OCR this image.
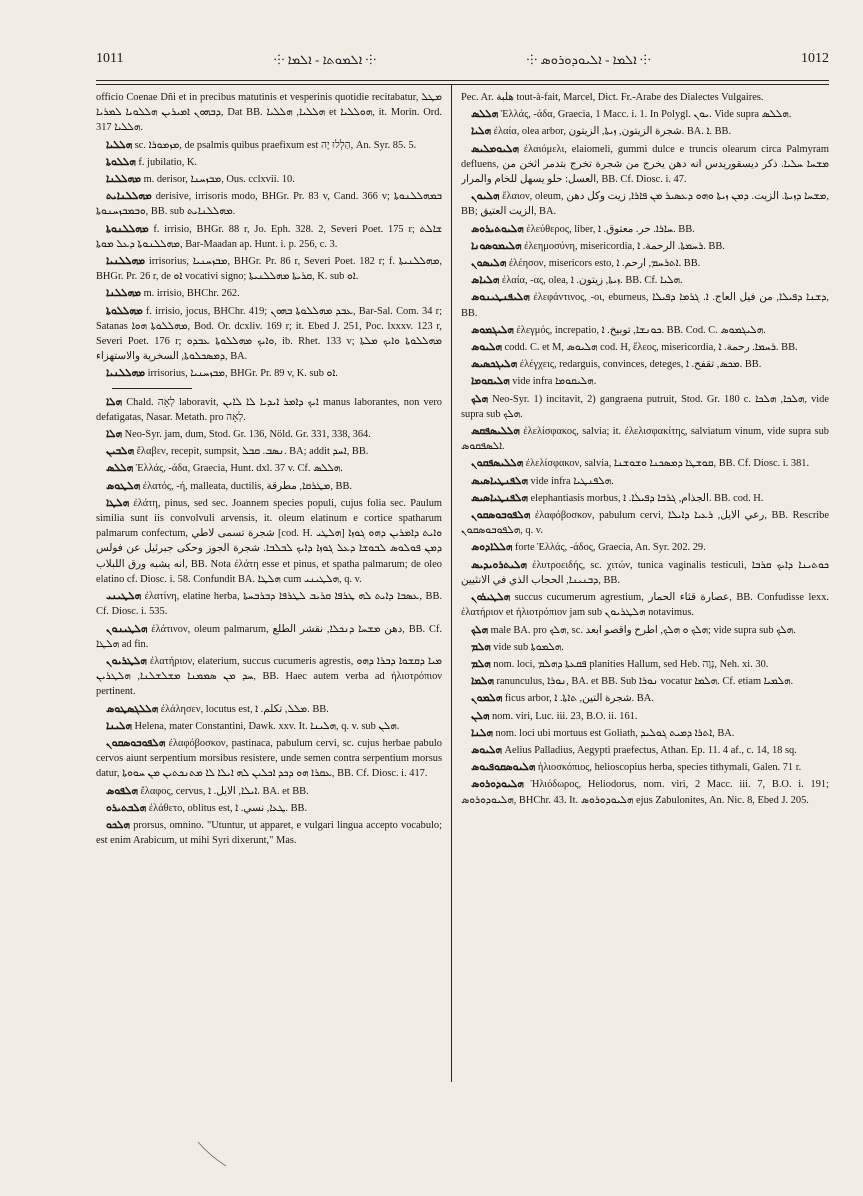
1011	⸭ ܐܠܡܘܬܐ - ܐܠܡܐ ⸭	⸭ ܐܠܡܐ - ܐܠܝܘܕܘܪܘܣ ⸭	1012

officio Coenae Dñi et in precibus matutinis et vesperinis quotidie recitabatur, ܡܛܠ ܕܒܗܘܢ ܐܡܝܪܝܢ ܗܠܠܘܝܐ ܠܡܪܝܐ, Dat BB. ܗܠܠܝܐ, ܗܠܠܝܐ et ܗܘܠܠܝܐ, it. Morin. Ord. 317 ܗܠܠܝܐ.

ܗܠܠܝܐ sc. ܡܙܡܘܪܐ, de psalmis quibus praefixum est הַלְלוּ יָה, An. Syr. 85. 5.

ܗܠܠܘܬܐ f. jubilatio, K.

ܡܗܠܠܢܐ m. derisor, ܡܒܙܚܢܐ, Ous. cclxvii. 10.

ܡܗܠܠܢܐܝܬ derisive, irrisoris modo, BHGr. Pr. 83 v, Cand. 366 v; ܒܡܗܠܠܢܘܬܐ ܘܒܡܒܙܚܢܘܬܐ, BB. sub ܡܗܠܠܢܐܝܬ.

ܡܗܠܠܢܘܬܐ f. irrisio, BHGr. 88 r, Jo. Eph. 328. 2, Severi Poet. 175 r; ܫܐܠܬ ܡܗܠܠܢܘܬܐ ܕܥܠ ܡܘܬܐ, Bar-Maadan ap. Hunt. i. p. 256, c. 3.

ܡܗܠܠܢܝܐ irrisorius, ܡܒܙܚܢܝܐ, BHGr. Pr. 86 r, Severi Poet. 182 r; f. ܡܗܠܠܢܝܬܐ, BHGr. Pr. 26 r, de ܐܘ vocativi signo; ܩܪܝܬܐ ܡܗܠܠܢܝܬܐ, K. sub ܐܘ.

ܡܗܠܠܢܐ m. irrisio, BHChr. 262.

ܡܗܠܠܘܬܐ f. irrisio, jocus, BHChr. 419; ܥܒܕ ܡܗܠܠܘܬܐ ܒܗܘܢ, Bar-Sal. Com. 34 r; Satanas ܡܗܠܠܘܬܐ ܗܘܐ, Bod. Or. dcxliv. 169 r; it. Ebed J. 251, Poc. lxxxv. 123 r, Severi Poet. 176 r; ܘܐܝܟ ܡܗܠܠܘܬܐ ܥܒܕܘ, ib. Rhet. 133 v; ܡܗܠܠܘܬܐ ܘܐܝܟ ܡܠܬܐ ܕܡܣܟܠܘܬܐ, السخرية والاستهزاء, BA.

ܡܗܠܠܢܝܐ irrisorius, ܡܒܙܚܢܝܐ, BHGr. Pr. 89 v, K. sub ܐܘ.

ܗܠܐ Chald. לְאָה laboravit, ܐܝܟ ܕܐܡܪ ܐܝܕܝܐ ܠܐ ܠܐܝܢ manus laborantes, non vero defatigatas, Nasar. Metath. pro לְאָה.

ܗܠܐ Neo-Syr. jam, dum, Stod. Gr. 136, Nöld. Gr. 331, 338, 364.

ܗܠܒܝܢ ἔλαβεν, recepit, sumpsit, ܢܣܒ. ܩܒܠ. BA; addit ܐܚܕ, BB.

ܗܠܠܣ Ἑλλάς, -άδα, Graecia, Hunt. dxl. 37 v. Cf. ܗܠܠܣ.

ܗܠܛܘܣ ἐλατός, -ή, malleata, ductilis, ܡܛܪܩܐ, مطرقة, BB.

ܗܠܛܐ ἐλάτη, pinus, sed sec. Joannem species populi, cujus folia sec. Paulum similia sunt iis convolvuli arvensis, it. oleum elatinum e cortice spatharum palmarum confectum, شجرة تسمى لاطي [cod. H. ܗܠܛܝ] ܘܐܝܬ ܕܐܡܪܝܢ ܕܗܘ ܓܘܙܐ ܕܡܢ ܦܘܠܘܣ ܠܒܘܫܐ ܕܥܠ ܓܘܙܐ ܕܐܝܟ ܠܒܠܒܐ. شجرة الجوز وحكى جبرئيل عن فولس انه يشبه ورق اللبلاب, BB. Nota ἐλάτη esse et pinus, et spatha palmarum; de oleo elatino cf. Diosc. i. 58. Confundit BA. ܗܠܛܐ cum ܗܠܛܝܢܝ, q. v.

ܗܠܛܝܢܝ ἐλατίνη, elatine herba, ܥܣܒܐ ܕܐܝܬ ܠܗ ܛܪܦܐ ܩܪܝܒ ܠܛܪܦܐ ܕܒܪܒܚܬܐ, BB. Cf. Diosc. i. 535.

ܗܠܛܝܢܘܢ ἐλάτινον, oleum palmarum, دهن ܡܫܚܐ ܕܢܟܠܐ, نقشر الطلع, BB. Cf. ܗܠܛܐ ad fin.

ܗܠܛܪܝܘܢ ἐλατήριον, elaterium, succus cucumeris agrestis, ܡܝܐ ܕܩܫܘܐ ܕܒܪܐ ܕܗܘ ܚܕ ܡܢ ܣܡܡܢܐ ܡܫܠܫܠܢܐ, ܗܠܛܪܝܢ, BB. Haec autem verba ad ἠλιοτρόπιον pertinent.

ܗܠܠܓܣܛܘܣ ἐλάλησεν, locutus est, ܡܠܠ, تكلم. ܐ. BB.

ܗܠܝܢܐ Helena, mater Constantini, Dawk. xxv. It. ܗܠܝܢܐ, q. v. sub ܗܠܢ.

ܗܠܦܘܒܘܣܩܘܢ ἐλαφόβοσκον, pastinaca, pabulum cervi, sc. cujus herbae pabulo cervos aiunt serpentium morsibus resistere, unde semen contra serpentium morsus datur, ܥܩܪܐ ܗܘ ܕܟܕ ܐܟܠܝܢ ܠܗ ܐܝܠܐ ܠܐ ܡܬܢܟܬܝܢ ܡܢ ܚܘܘܬܐ, BB. Cf. Diosc. i. 417.

ܗܠܦܘܣ ἔλαφος, cervus, ܐܝܠܐ, الايل. ܐ. BA. et BB.

ܗܠܒܬܝܪܘ ἐλάθετο, oblitus est, ܛܥܐ, نسي. ܐ. BB.

ܗܠܟܘ prorsus, omnino. "Utuntur, ut apparet, e vulgari lingua accepto vocabulo; est enim Arabicum, ut mihi Syri dixerunt," Mas.

Pec. Ar. هلبة tout-à-fait, Marcel, Dict. Fr.-Arabe des Dialectes Vulgaires.

ܗܠܠܣ Ἑλλάς, -άδα, Graecia, 1 Macc. i. 1. In Polygl. ܝܘܢ. Vide supra ܗܠܠܣ.

ܗܠܝܐ ἐλαία, olea arbor, شجرة الزيتون, ܙܝܬܐ, الزيتون. BA. ܐ. BB.

ܗܠܝܘܡܠܝܣ ἐλαιόμελι, elaiomeli, gummi dulce e truncis olearum circa Palmyram defluens, ܡܫܚܐ ܚܠܝܐ. ذكر ديسقوريدس انه دهن يخرج من شجرة تخرج بتدمر اثخن من العسل: حلو يسهل للخام والمرار, BB. Cf. Diosc. i. 47.

ܗܠܝܘܢ ἔλαιον, oleum, ܡܫܚܐ ܕܙܝܬܐ. الزيت. ܕܡܢ ܙܝܬܐ ܘܗܘ ܕܥܣܝܪ ܡܢ ܦܐܪܐ, زيت وكل دهن, BB; الزيت العتيق, BA.

ܗܠܝܘܬܝܪܘܣ ἐλεύθερος, liber, ܚܐܪܐ. حر. معتوق. ܐ. BB.

ܗܠܝܡܘܣܘܢܐ ἐλεημοσύνη, misericordia, ܪܚܡܬܐ. الرحمة. ܐ. BB.

ܗܠܝܣܘܢ ἐλέησον, misericors esto, ܐܬܪܚܡ, ارحم. ܐ. BB.

ܗܠܝܐܣ ἐλαία, -ας, olea, ܙܝܬܐ, زيتون. ܐ. BB. Cf. ܗܠܝܐ.

ܗܠܝܦܢܛܝܢܘܣ ἐλεφάντινος, -οι, eburneus, ܕܫܢܐ ܕܦܝܠܐ, من فيل العاج. ܐ. ܓܪܡܐ ܕܦܝܠܐ, BB.

ܗܠܝܓܡܘܣ ἐλεγμός, increpatio, ܟܘܢܫܐ, توبيخ. ܐ. BB. Cod. C. ܗܠܝܓܡܘܣ.

ܗܠܝܘܣ codd. C. et M, ܗܠܝܘܣ cod. H, ἔλεος, misericordia, ܪܚܡܐ. رحمة. ܐ. BB.

ܗܠܝܓܟܣܝܣ ἐλέγχεις, redarguis, convinces, deteges, ܡܟܣ, تقفح. ܐ. BB.

ܗܠܝܩܘܡܐ vide infra ܗܠܝܩܘܡܐ.

ܗܠܟ Neo-Syr. 1) incitavit, 2) gangraena putruit, Stod. Gr. 180 c. ܗܠܟܐ, ܗܠܟܐ, vide supra sub ܗܠܟ.

ܗܠܠܝܣܦܩܣ ἐλελίσφακος, salvia; it. ἐλελισφακίτης, salviatum vinum, vide supra sub ܐܠܣܦܩܘܣ.

ܗܠܠܝܣܦܩܘܢ ἐλελίσφακον, salvia, ܩܘܫܛܐ ܕܡܣܟܢܐ ܘܫܘܫܢܐ, BB. Cf. Diosc. i. 381.

ܗܠܦܢܛܝܐܣܝܣ vide infra ܗܠܦܢܛܝܐ.

ܗܠܦܢܛܝܐܣܝܣ elephantiasis morbus, الجذام, ܓܪܒܐ ܕܦܝܠܐ. ܐ. BB. cod. H.

ܗܠܦܘܒܘܣܩܘܢ ἐλαφόβοσκον, pabulum cervi, رعي الايل, ܪܥܝܐ ܕܐܝܠܐ, BB. Rescribe ܗܠܦܘܒܘܣܩܘܢ, q. v.

ܗܠܠܐܕܘܣ forte Ἑλλάς, -άδος, Graecia, An. Syr. 202. 29.

ܗܠܝܬܪܘܝܕܝܣ ἐλυτροειδής, sc. χιτών, tunica vaginalis testiculi, ܟܘܬܝܢܐ ܕܐܝܟ ܩܪܒܐ ܕܒܢܝܢܐ, الحجاب الذي في الانثيين, BB.

ܗܠܛܝܪܘܢ succus cucumerum agrestium, عصارة قثاء الحمار, BB. Confudisse lexx. ἐλατήριον et ἠλιοτρόπιον jam sub ܗܠܛܪܝܘܢ notavimus.

ܗܠܟ male BA. pro ܗܠܟ, sc. ܗܠܟ ܘ ܗܠܟ, اطرح واقصو ابعد; vide supra sub ܗܠܟ.

ܗܠܡ vide sub ܗܠܡܘܬܐ.

ܗܠܡ nom. loci, ܦܩܥܬܐ ܕܗܠܡ planities Hallum, sed Heb. נְוֶה, Neh. xi. 30.

ܗܠܡܐ ranunculus, ܢܘܪܐ, BA. et BB. Sub ܢܘܪܐ vocatur ܗܠܡܐ. Cf. etiam ܗܠܡܝܐ.

ܗܠܡܘܢ ficus arbor, شجرة التين, ܬܐܬܐ. ܐ. BA.

ܗܠܢ nom. viri, Luc. iii. 23, B.O. ii. 161.

ܗܠܢܐ nom. loci ubi mortuus est Goliath, ܐܬܪܐ ܕܡܝܬ ܓܘܠܝܕ, BA.

ܗܠܝܘܣ Aelius Palladius, Aegypti praefectus, Athan. Ep. 11. 4 af., c. 14, 18 sq.

ܗܠܝܘܣܩܘܦܝܘܣ ἡλιοσκόπιος, helioscopius herba, species tithymali, Galen. 71 r.

ܗܠܝܘܕܘܪܘܣ Ἡλιόδωρος, Heliodorus, nom. viri, 2 Macc. iii. 7, B.O. i. 191; ܗܠܝܘܕܘܪܘܣ, BHChr. 43. It. ܗܠܝܘܕܘܪܘܣ ejus Zabulonites, An. Nic. 8, Ebed J. 205.
